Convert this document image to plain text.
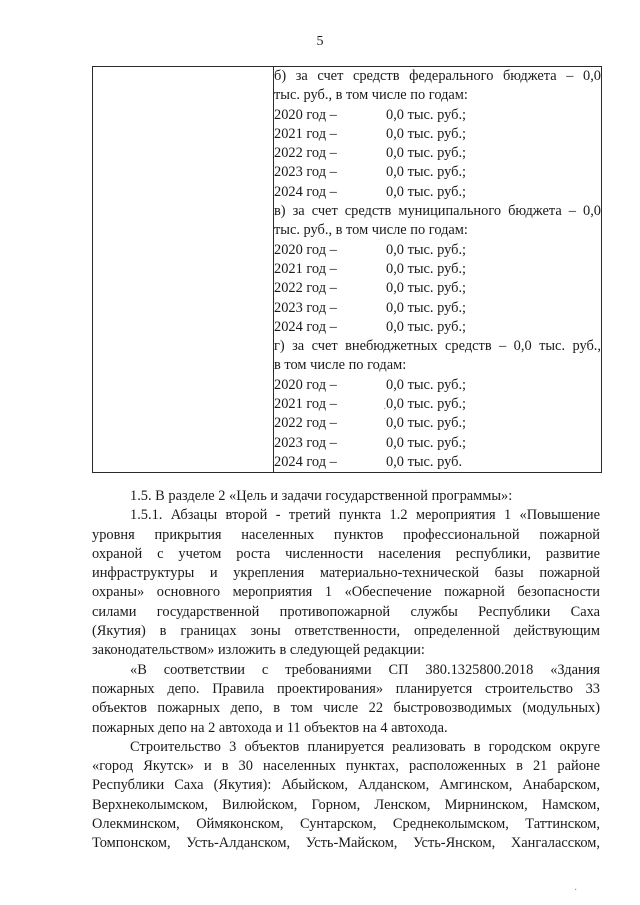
5

б) за счет средств федерального бюджета – 0,0
тыс. руб., в том числе по годам:
2020 год –	0,0 тыс. руб.;
2021 год –	0,0 тыс. руб.;
2022 год –	0,0 тыс. руб.;
2023 год –	0,0 тыс. руб.;
2024 год –	0,0 тыс. руб.;
в) за счет средств муниципального бюджета – 0,0
тыс. руб., в том числе по годам:
2020 год –	0,0 тыс. руб.;
2021 год –	0,0 тыс. руб.;
2022 год –	0,0 тыс. руб.;
2023 год –	0,0 тыс. руб.;
2024 год –	0,0 тыс. руб.;
г) за счет внебюджетных средств – 0,0 тыс. руб.,
в том числе по годам:
2020 год –	0,0 тыс. руб.;
2021 год –	0,0 тыс. руб.;
2022 год –	0,0 тыс. руб.;
2023 год –	0,0 тыс. руб.;
2024 год –	0,0 тыс. руб.
1.5. В разделе 2 «Цель и задачи государственной программы»:
1.5.1. Абзацы второй - третий пункта 1.2 мероприятия 1 «Повышение
уровня прикрытия населенных пунктов профессиональной пожарной
охраной с учетом роста численности населения республики, развитие
инфраструктуры и укрепления материально-технической базы пожарной
охраны» основного мероприятия 1 «Обеспечение пожарной безопасности
силами государственной противопожарной службы Республики Саха
(Якутия) в границах зоны ответственности, определенной действующим
законодательством» изложить в следующей редакции:
«В соответствии с требованиями СП 380.1325800.2018 «Здания
пожарных депо. Правила проектирования» планируется строительство 33
объектов пожарных депо, в том числе 22 быстровозводимых (модульных)
пожарных депо на 2 автохода и 11 объектов на 4 автохода.
Строительство 3 объектов планируется реализовать в городском округе
«город Якутск» и в 30 населенных пунктах, расположенных в 21 районе
Республики Саха (Якутия): Абыйском, Алданском, Амгинском, Анабарском,
Верхнеколымском, Вилюйском, Горном, Ленском, Мирнинском, Намском,
Олекминском, Оймяконском, Сунтарском, Среднеколымском, Таттинском,
Томпонском, Усть-Алданском, Усть-Майском, Усть-Янском, Хангаласском,
·
·
